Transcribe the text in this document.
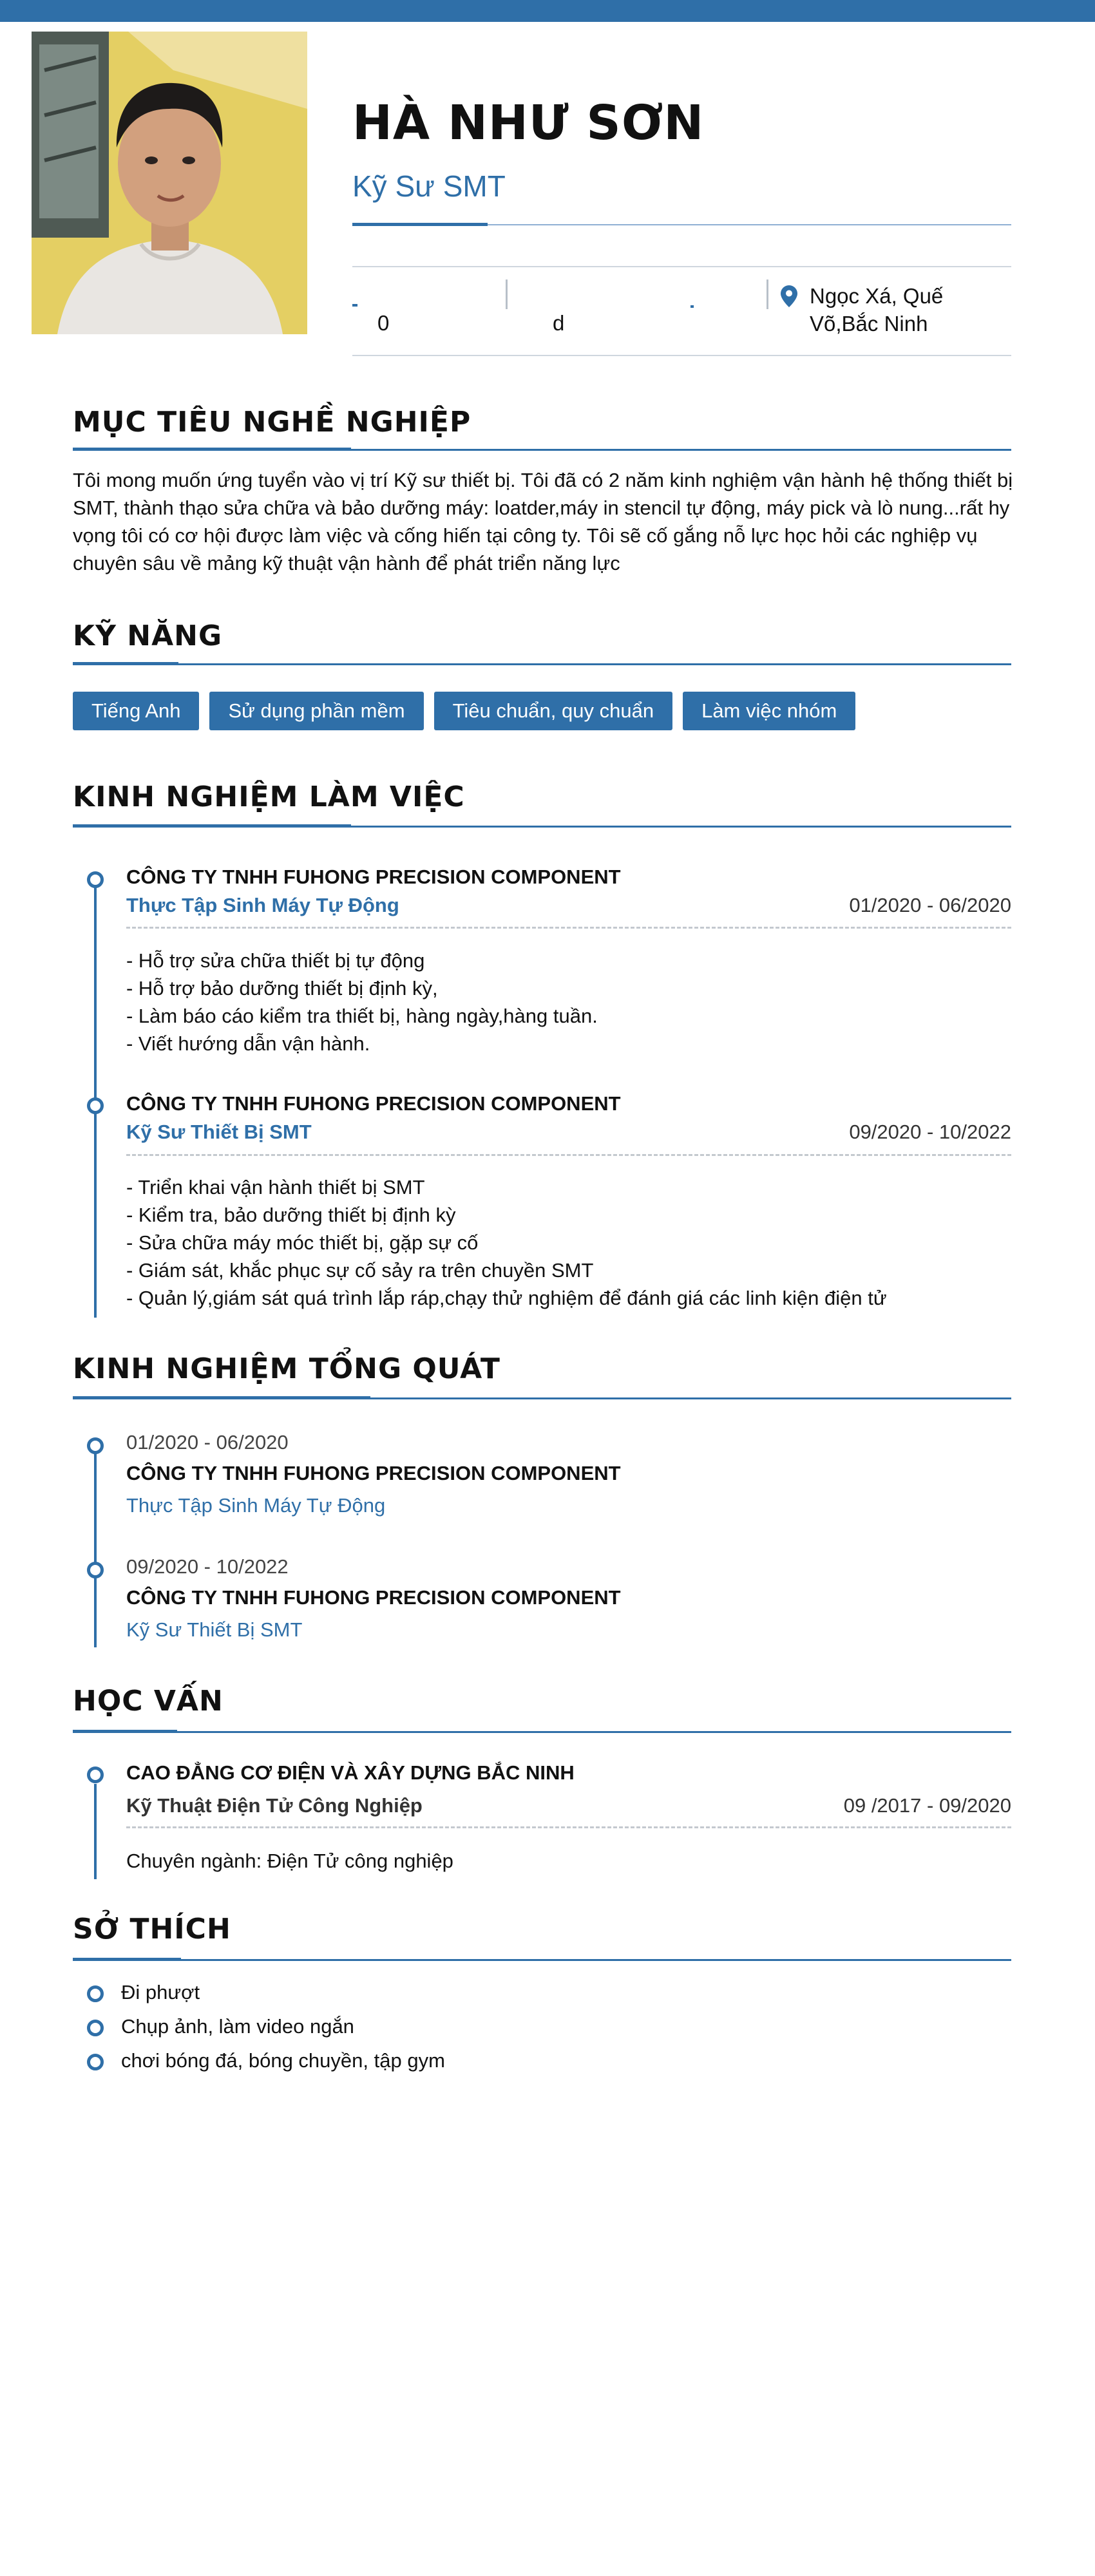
HÀ NHƯ SƠN
Kỹ Sư SMT
0	d
Ngọc Xá, Quế Võ,Bắc Ninh
MỤC TIÊU NGHỀ NGHIỆP
Tôi mong muốn ứng tuyển vào vị trí Kỹ sư thiết bị. Tôi đã có 2 năm kinh nghiệm vận hành hệ thống thiết bị SMT, thành thạo sửa chữa và bảo dưỡng máy: loatder,máy in stencil tự động, máy pick và lò nung...rất hy vọng tôi có cơ hội được làm việc và cống hiến tại công ty. Tôi sẽ cố gắng nỗ lực học hỏi các nghiệp vụ chuyên sâu về mảng kỹ thuật vận hành để phát triển năng lực
KỸ NĂNG
Tiếng Anh	Sử dụng phần mềm	Tiêu chuẩn, quy chuẩn	Làm việc nhóm
KINH NGHIỆM LÀM VIỆC
CÔNG TY TNHH FUHONG PRECISION COMPONENT
Thực Tập Sinh Máy Tự Động	01/2020 - 06/2020
- Hỗ trợ sửa chữa thiết bị tự động
- Hỗ trợ bảo dưỡng thiết bị định kỳ,
- Làm báo cáo kiểm tra thiết bị, hàng ngày,hàng tuần.
- Viết hướng dẫn vận hành.
CÔNG TY TNHH FUHONG PRECISION COMPONENT
Kỹ Sư Thiết Bị SMT	09/2020 - 10/2022
- Triển khai vận hành thiết bị SMT
- Kiểm tra, bảo dưỡng thiết bị định kỳ
- Sửa chữa máy móc thiết bị, gặp sự cố
- Giám sát, khắc phục sự cố sảy ra trên chuyền SMT
- Quản lý,giám sát quá trình lắp ráp,chạy thử nghiệm để đánh giá các linh kiện điện tử
KINH NGHIỆM TỔNG QUÁT
01/2020 - 06/2020
CÔNG TY TNHH FUHONG PRECISION COMPONENT
Thực Tập Sinh Máy Tự Động
09/2020 - 10/2022
CÔNG TY TNHH FUHONG PRECISION COMPONENT
Kỹ Sư Thiết Bị SMT
HỌC VẤN
CAO ĐẲNG CƠ ĐIỆN VÀ XÂY DỰNG BẮC NINH
Kỹ Thuật Điện Tử Công Nghiệp	09 /2017 - 09/2020
Chuyên ngành: Điện Tử công nghiệp
SỞ THÍCH
Đi phượt
Chụp ảnh, làm video ngắn
chơi bóng đá, bóng chuyền, tập gym
